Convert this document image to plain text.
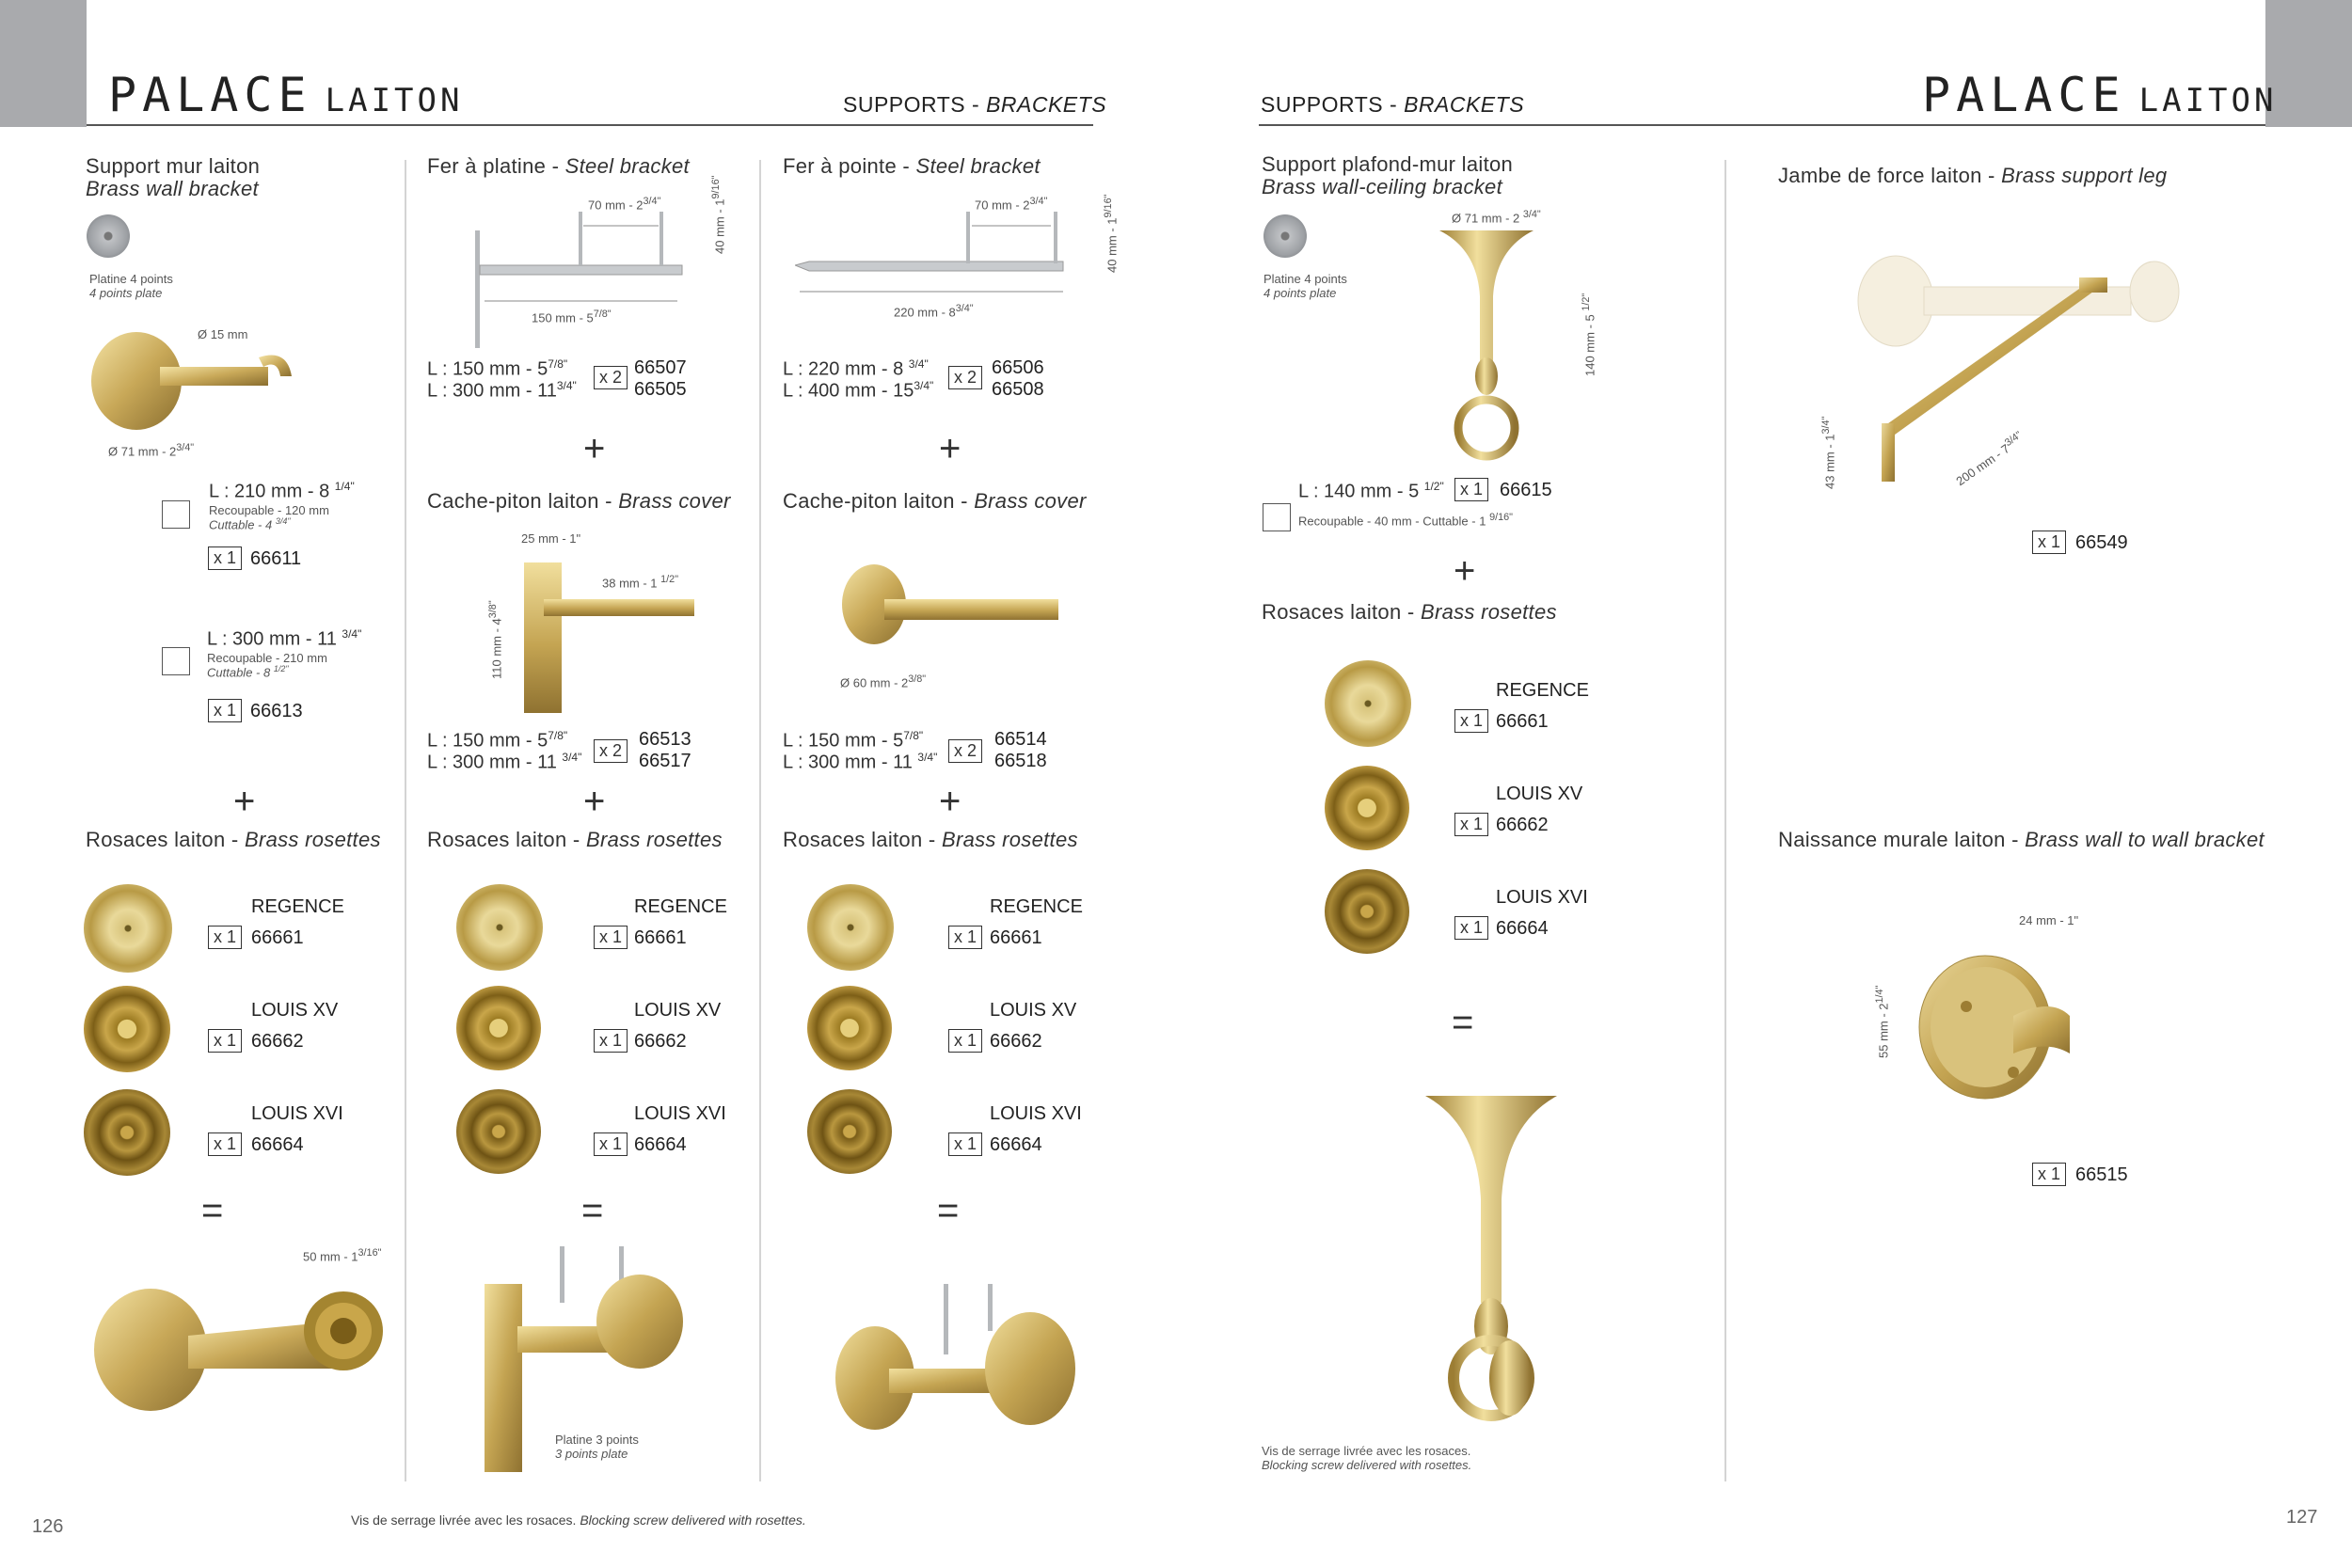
PALACE LAITON	PALACE LAITON
SUPPORTS - BRACKETS	SUPPORTS - BRACKETS
Support mur laiton
Brass wall bracket
Platine 4 points
4 points plate
Ø 15 mm
Ø 71 mm - $2^{3/4"}$
L : 210 mm - 8 $^{1/4"}$
Recoupable - 120 mm
Cuttable - 4 $^{3/4"}$
x 1 66611
L : 300 mm - 11 $^{3/4"}$
Recoupable - 210 mm
Cuttable - 8 $^{1/2"}$
x 1 66613
+
Rosaces laiton - Brass rosettes
REGENCE
x 1 66661
LOUIS XV
x 1 66662
LOUIS XVI
x 1 66664
=
50 mm - $1^{3/16"}$
Fer à platine - Steel bracket
70 mm - $2^{3/4"}$	40 mm - $1^{9/16"}$
150 mm - $5^{7/8"}$
L : 150 mm - $5^{7/8"}$
L : 300 mm - $11^{3/4"}$	x 2 66507
66505
+
Cache-piton laiton - Brass cover
25 mm - 1"
38 mm - 1 $^{1/2"}$
110 mm - $4^{3/8"}$
L : 150 mm - $5^{7/8"}$
L : 300 mm - 11 $^{3/4"}$	x 2
66513
66517
+
Rosaces laiton - Brass rosettes
REGENCE
x 1 66661
LOUIS XV
x 1 66662
LOUIS XVI
x 1 66664
=
Platine 3 points
3 points plate
Fer à pointe - Steel bracket
70 mm - $2^{3/4"}$
40 mm - $1^{9/16"}$
220 mm - $8^{3/4"}$
L : 220 mm - 8 $^{3/4"}$
L : 400 mm - $15^{3/4"}$	x 2 66506
66508
+
Cache-piton laiton - Brass cover
Ø 60 mm - $2^{3/8"}$
L : 150 mm - $5^{7/8"}$
L : 300 mm - 11 $^{3/4"}$ x 2
66514
66518
+
Rosaces laiton - Brass rosettes
REGENCE
x 1 66661
LOUIS XV
x 1 66662
LOUIS XVI
x 1 66664
=
Support plafond-mur laiton
Brass wall-ceiling bracket
Platine 4 points
4 points plate
Ø 71 mm - 2 $^{3/4"}$
140 mm - 5 $^{1/2"}$
L : 140 mm - 5 $^{1/2"}$ x 1 66615
Recoupable - 40 mm - Cuttable - 1 $^{9/16"}$
+
Rosaces laiton - Brass rosettes
REGENCE
x 1 66661
LOUIS XV
x 1 66662
LOUIS XVI
x 1 66664
=
Vis de serrage livrée avec les rosaces.
Blocking screw delivered with rosettes.
Jambe de force laiton - Brass support leg
43 mm - $1^{3/4"}$
200 mm - $7^{3/4"}$
x 1 66549
Naissance murale laiton - Brass wall to wall bracket
24 mm - 1"
55 mm - $2^{1/4"}$
x 1 66515
126	127
Vis de serrage livrée avec les rosaces. Blocking screw delivered with rosettes.
